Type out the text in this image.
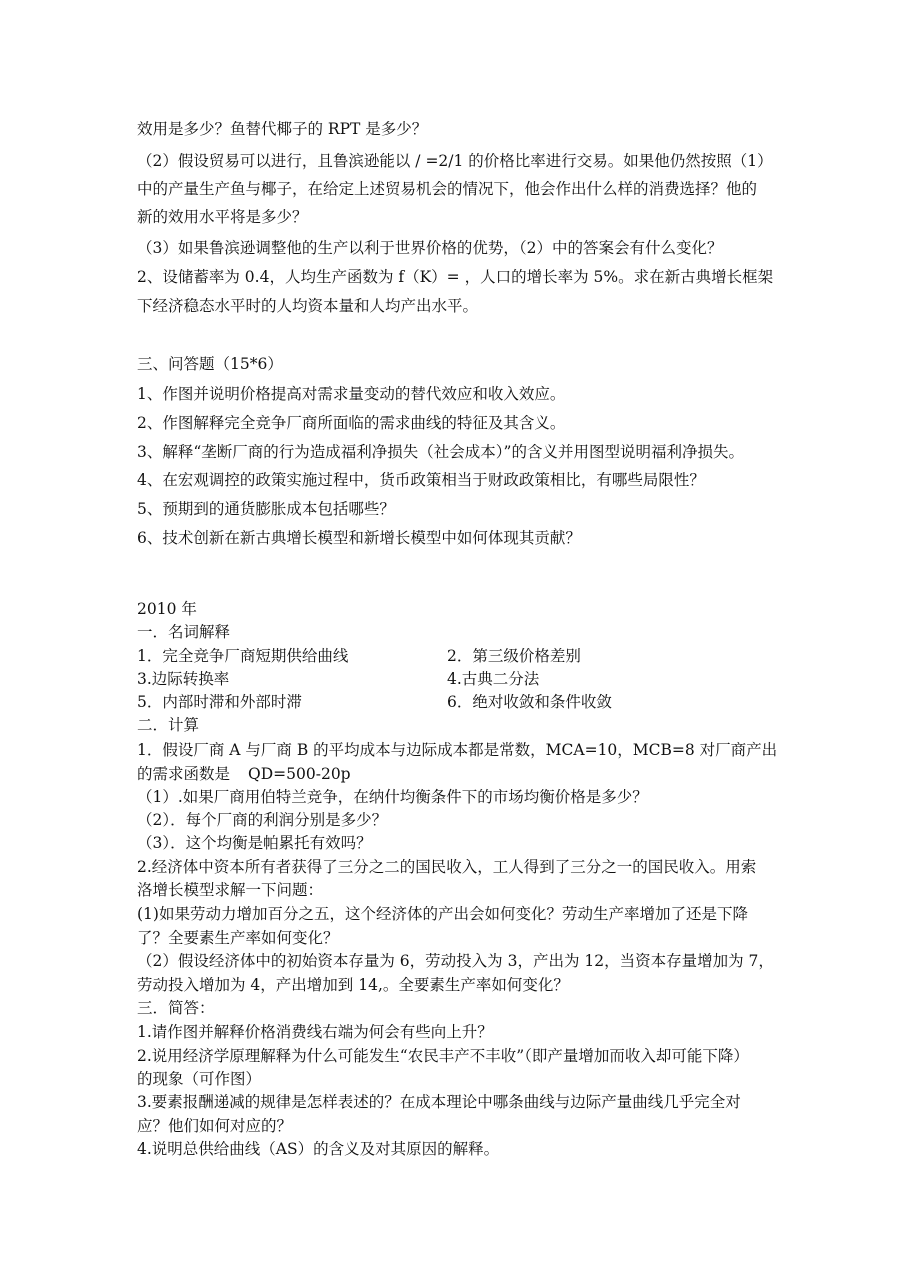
效用是多少？鱼替代椰子的 RPT 是多少？
（2）假设贸易可以进行，且鲁滨逊能以 / =2/1 的价格比率进行交易。如果他仍然按照（1）
中的产量生产鱼与椰子，在给定上述贸易机会的情况下，他会作出什么样的消费选择？他的
新的效用水平将是多少？
（3）如果鲁滨逊调整他的生产以利于世界价格的优势，（2）中的答案会有什么变化？
2、设储蓄率为 0.4，人均生产函数为 f（K）= ，人口的增长率为 5%。求在新古典增长框架
下经济稳态水平时的人均资本量和人均产出水平。
三、问答题（15*6）
1、作图并说明价格提高对需求量变动的替代效应和收入效应。
2、作图解释完全竞争厂商所面临的需求曲线的特征及其含义。
3、解释“垄断厂商的行为造成福利净损失（社会成本）”的含义并用图型说明福利净损失。
4、在宏观调控的政策实施过程中，货币政策相当于财政政策相比，有哪些局限性？
5、预期到的通货膨胀成本包括哪些？
6、技术创新在新古典增长模型和新增长模型中如何体现其贡献？
2010 年
一．名词解释
1．完全竞争厂商短期供给曲线	2．第三级价格差别
3.边际转换率	4.古典二分法
5．内部时滞和外部时滞	6．绝对收敛和条件收敛
二．计算
1．假设厂商 A 与厂商 B 的平均成本与边际成本都是常数，MCA=10，MCB=8 对厂商产出
的需求函数是 QD=500-20p
（1）.如果厂商用伯特兰竞争，在纳什均衡条件下的市场均衡价格是多少？
（2）．每个厂商的利润分别是多少？
（3）．这个均衡是帕累托有效吗？
2.经济体中资本所有者获得了三分之二的国民收入，工人得到了三分之一的国民收入。用索
洛增长模型求解一下问题：
(1)如果劳动力增加百分之五，这个经济体的产出会如何变化？劳动生产率增加了还是下降
了？全要素生产率如何变化？
（2）假设经济体中的初始资本存量为 6，劳动投入为 3，产出为 12，当资本存量增加为 7，
劳动投入增加为 4，产出增加到 14,。全要素生产率如何变化？
三．简答：
1.请作图并解释价格消费线右端为何会有些向上升？
2.说用经济学原理解释为什么可能发生“农民丰产不丰收”（即产量增加而收入却可能下降）
的现象（可作图）
3.要素报酬递减的规律是怎样表述的？在成本理论中哪条曲线与边际产量曲线几乎完全对
应？他们如何对应的？
4.说明总供给曲线（AS）的含义及对其原因的解释。
